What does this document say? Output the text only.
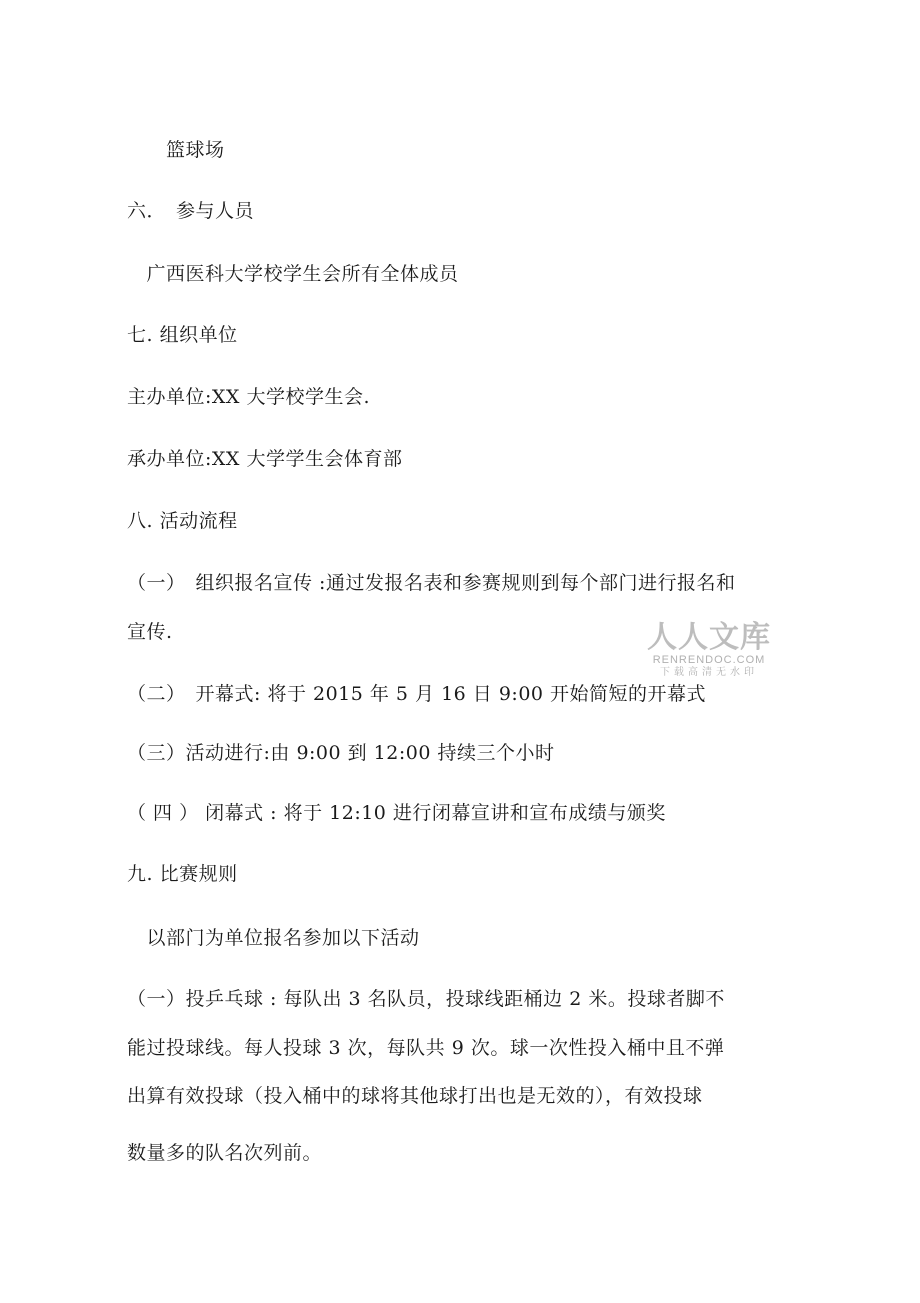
　　篮球场
六．　参与人员
　广西医科大学校学生会所有全体成员
七. 组织单位
主办单位:XX 大学校学生会.
承办单位:XX 大学学生会体育部
八. 活动流程
（一）　组织报名宣传 :通过发报名表和参赛规则到每个部门进行报名和
宣传.
（二）　开幕式: 将于 2015 年 5 月 16 日 9:00 开始简短的开幕式
（三）活动进行:由 9:00 到 12:00 持续三个小时
（ 四 ） 闭幕式 : 将于 12:10 进行闭幕宣讲和宣布成绩与颁奖
九. 比赛规则
　以部门为单位报名参加以下活动
（一）投乒乓球 : 每队出 3 名队员，投球线距桶边 2 米。投球者脚不
能过投球线。每人投球 3 次，每队共 9 次。球一次性投入桶中且不弹
出算有效投球（投入桶中的球将其他球打出也是无效的），有效投球
数量多的队名次列前。
人人文库
RENRENDOC.COM
下载高清无水印
